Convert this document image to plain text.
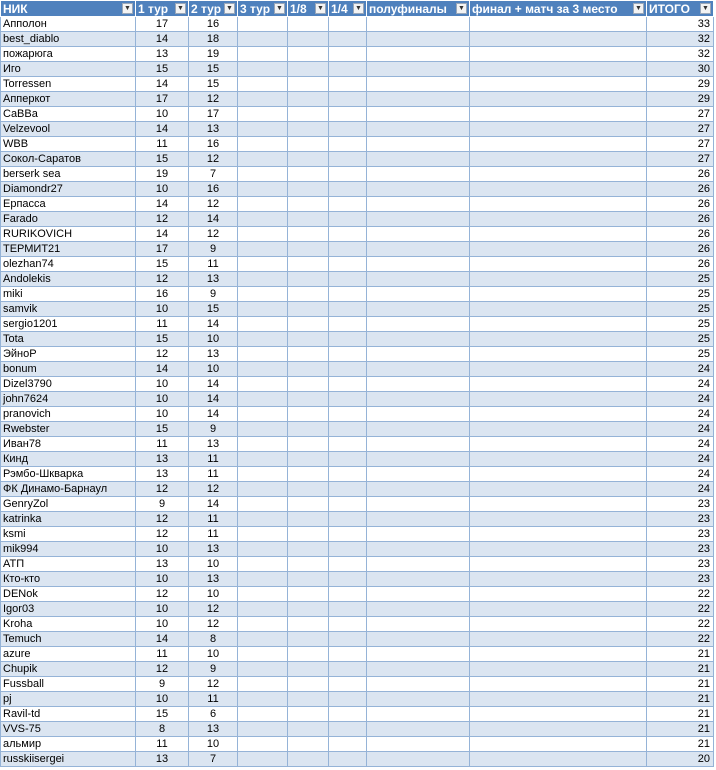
НИК ▼	1 тур ▼	2 тур ▼	3 тур ▼	1/8 ▼	1/4 ▼	полуфиналы ▼	финал + матч за 3 место ▼	ИТОГО ▼

Апполон	17	16						33
best_diablo	14	18						32
пожарюга	13	19						32
Иго	15	15						30
Torressen	14	15						29
Апперкот	17	12						29
CaBBa	10	17						27
Velzevool	14	13						27
WBB	11	16						27
Сокол-Саратов	15	12						27
berserk sea	19	7						26
Diamondr27	10	16						26
Ерпасса	14	12						26
Farado	12	14						26
RURIKOVICH	14	12						26
ТЕРМИТ21	17	9						26
olezhan74	15	11						26
Andolekis	12	13						25
miki	16	9						25
samvik	10	15						25
sergio1201	11	14						25
Tota	15	10						25
ЭйноР	12	13						25
bonum	14	10						24
Dizel3790	10	14						24
john7624	10	14						24
pranovich	10	14						24
Rwebster	15	9						24
Иван78	11	13						24
Кинд	13	11						24
Рэмбо-Шкварка	13	11						24
ФК Динамо-Барнаул	12	12						24
GenryZol	9	14						23
katrinka	12	11						23
ksmi	12	11						23
mik994	10	13						23
АТП	13	10						23
Кто-кто	10	13						23
DENok	12	10						22
Igor03	10	12						22
Kroha	10	12						22
Temuch	14	8						22
azure	11	10						21
Chupik	12	9						21
Fussball	9	12						21
pj	10	11						21
Ravil-td	15	6						21
VVS-75	8	13						21
альмир	11	10						21
russkiisergei	13	7						20
